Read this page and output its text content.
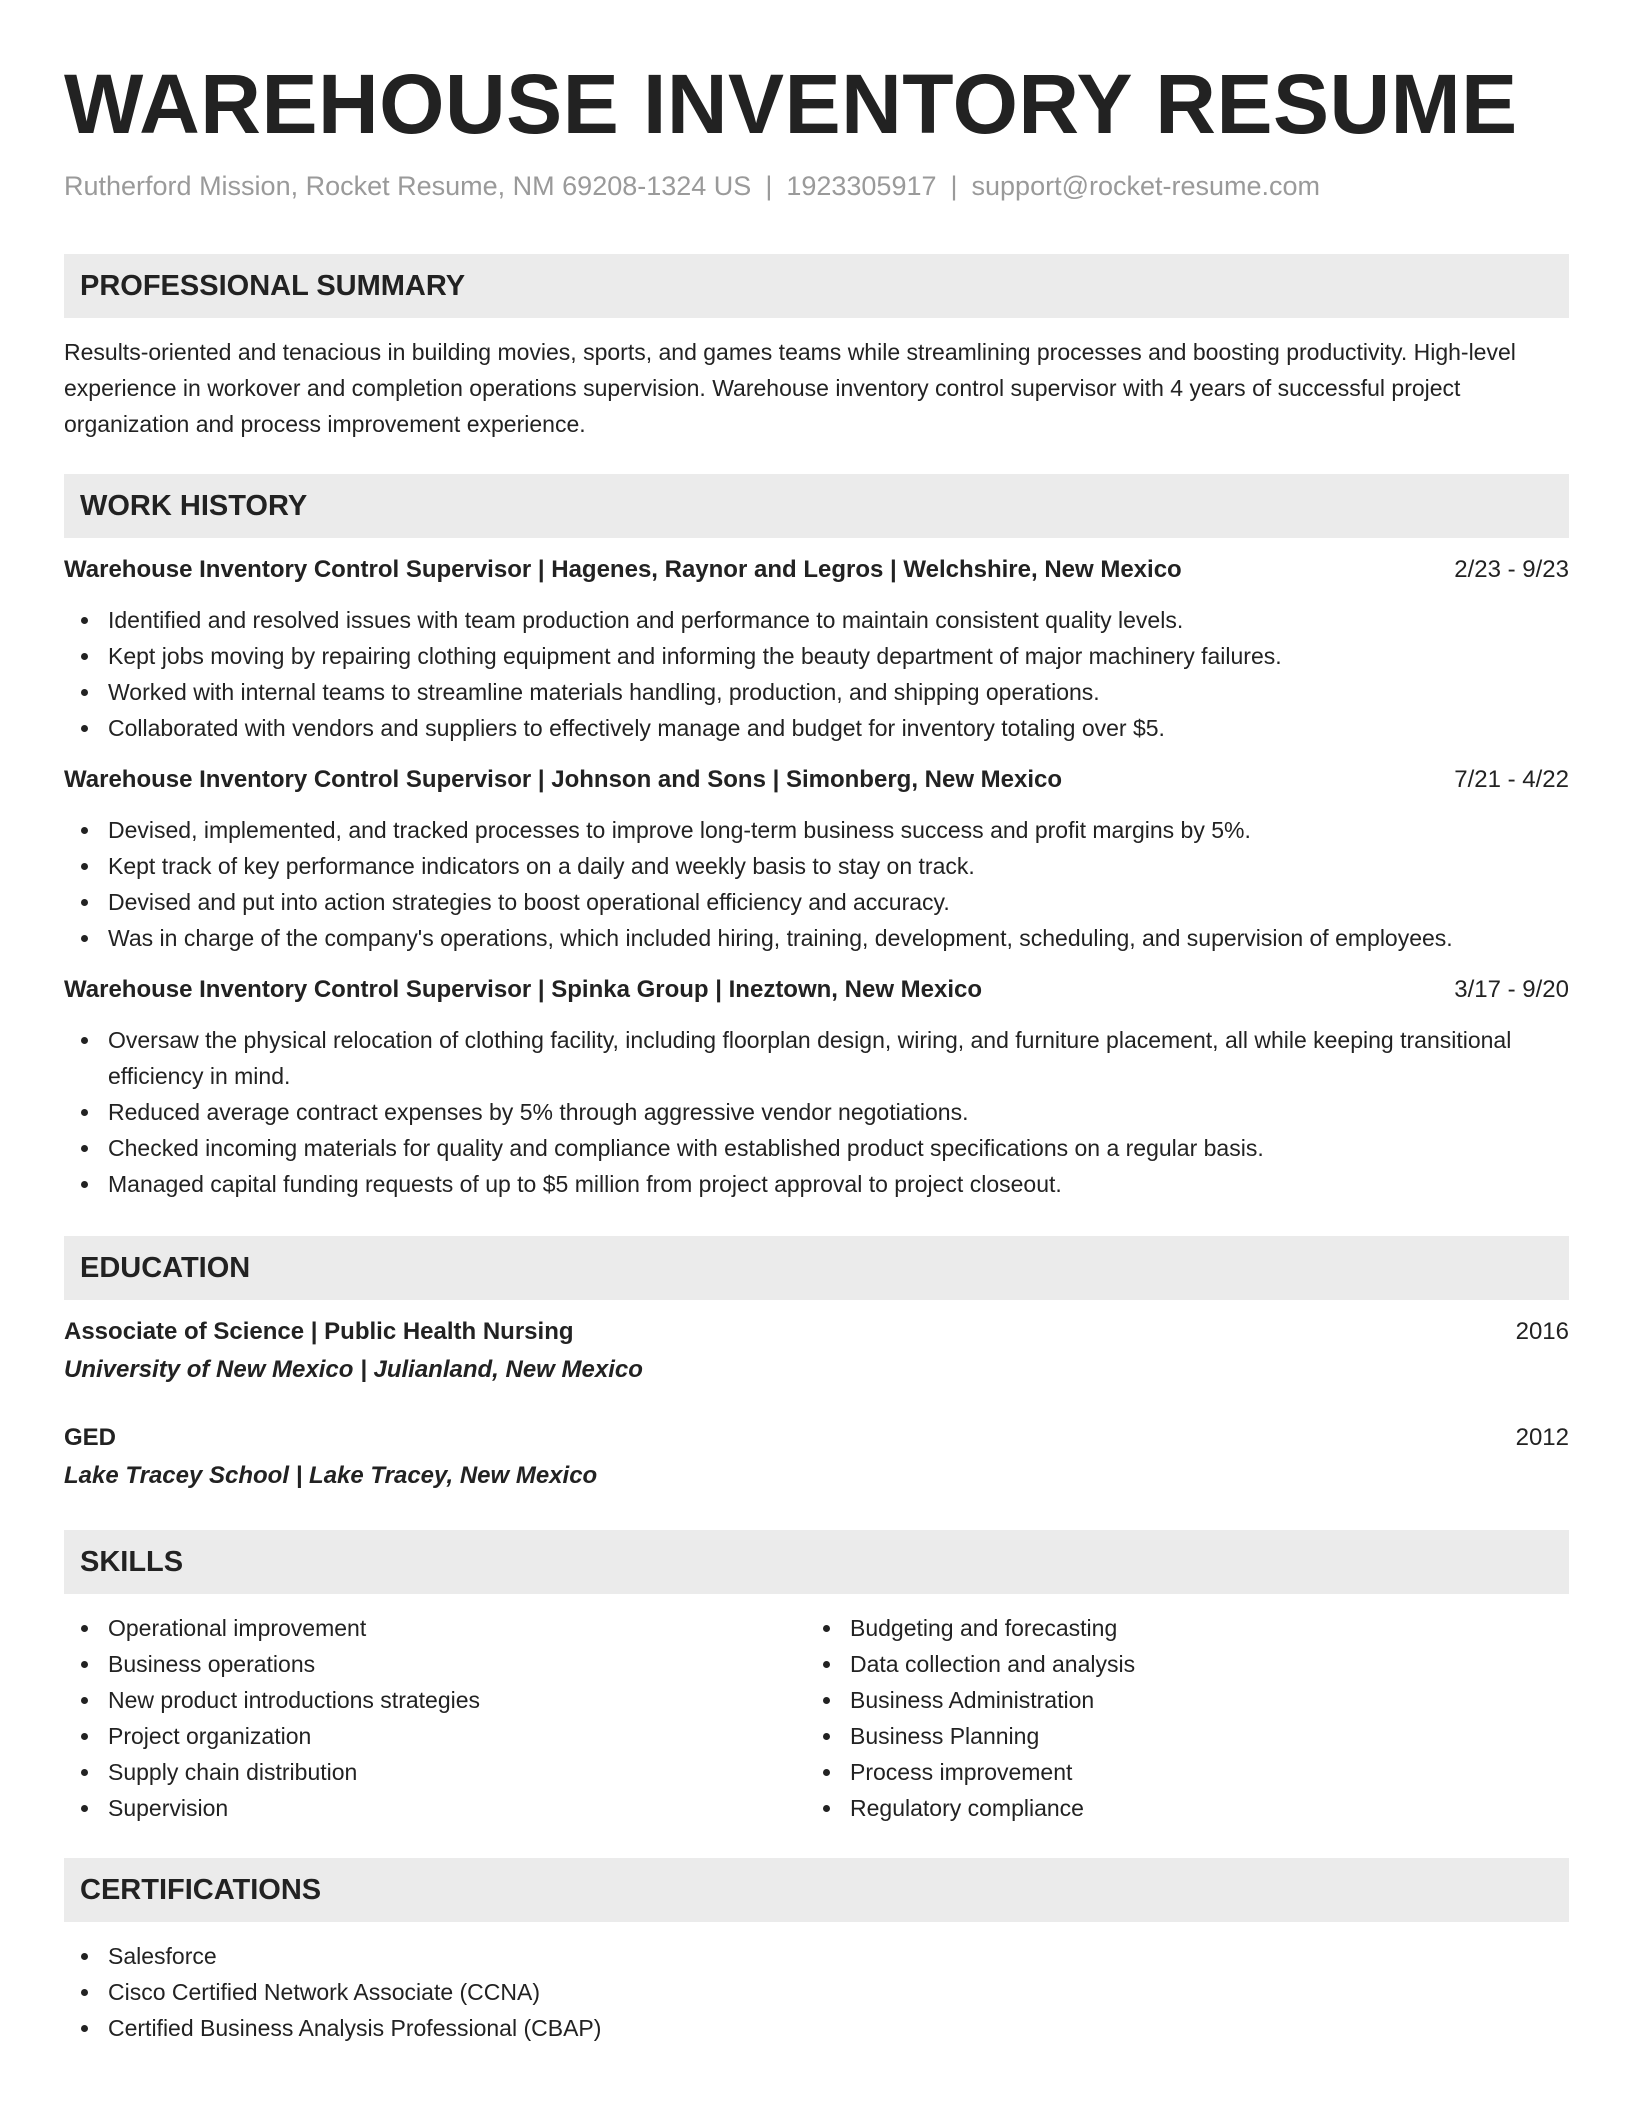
WAREHOUSE INVENTORY RESUME
Rutherford Mission, Rocket Resume, NM 69208-1324 US | 1923305917 | support@rocket-resume.com
PROFESSIONAL SUMMARY
Results-oriented and tenacious in building movies, sports, and games teams while streamlining processes and boosting productivity. High-level experience in workover and completion operations supervision. Warehouse inventory control supervisor with 4 years of successful project organization and process improvement experience.
WORK HISTORY
Warehouse Inventory Control Supervisor | Hagenes, Raynor and Legros | Welchshire, New Mexico	2/23 - 9/23
Identified and resolved issues with team production and performance to maintain consistent quality levels.
Kept jobs moving by repairing clothing equipment and informing the beauty department of major machinery failures.
Worked with internal teams to streamline materials handling, production, and shipping operations.
Collaborated with vendors and suppliers to effectively manage and budget for inventory totaling over $5.
Warehouse Inventory Control Supervisor | Johnson and Sons | Simonberg, New Mexico	7/21 - 4/22
Devised, implemented, and tracked processes to improve long-term business success and profit margins by 5%.
Kept track of key performance indicators on a daily and weekly basis to stay on track.
Devised and put into action strategies to boost operational efficiency and accuracy.
Was in charge of the company's operations, which included hiring, training, development, scheduling, and supervision of employees.
Warehouse Inventory Control Supervisor | Spinka Group | Ineztown, New Mexico	3/17 - 9/20
Oversaw the physical relocation of clothing facility, including floorplan design, wiring, and furniture placement, all while keeping transitional efficiency in mind.
Reduced average contract expenses by 5% through aggressive vendor negotiations.
Checked incoming materials for quality and compliance with established product specifications on a regular basis.
Managed capital funding requests of up to $5 million from project approval to project closeout.
EDUCATION
Associate of Science | Public Health Nursing	2016
University of New Mexico | Julianland, New Mexico
GED	2012
Lake Tracey School | Lake Tracey, New Mexico
SKILLS
Operational improvement
Business operations
New product introductions strategies
Project organization
Supply chain distribution
Supervision
Budgeting and forecasting
Data collection and analysis
Business Administration
Business Planning
Process improvement
Regulatory compliance
CERTIFICATIONS
Salesforce
Cisco Certified Network Associate (CCNA)
Certified Business Analysis Professional (CBAP)
